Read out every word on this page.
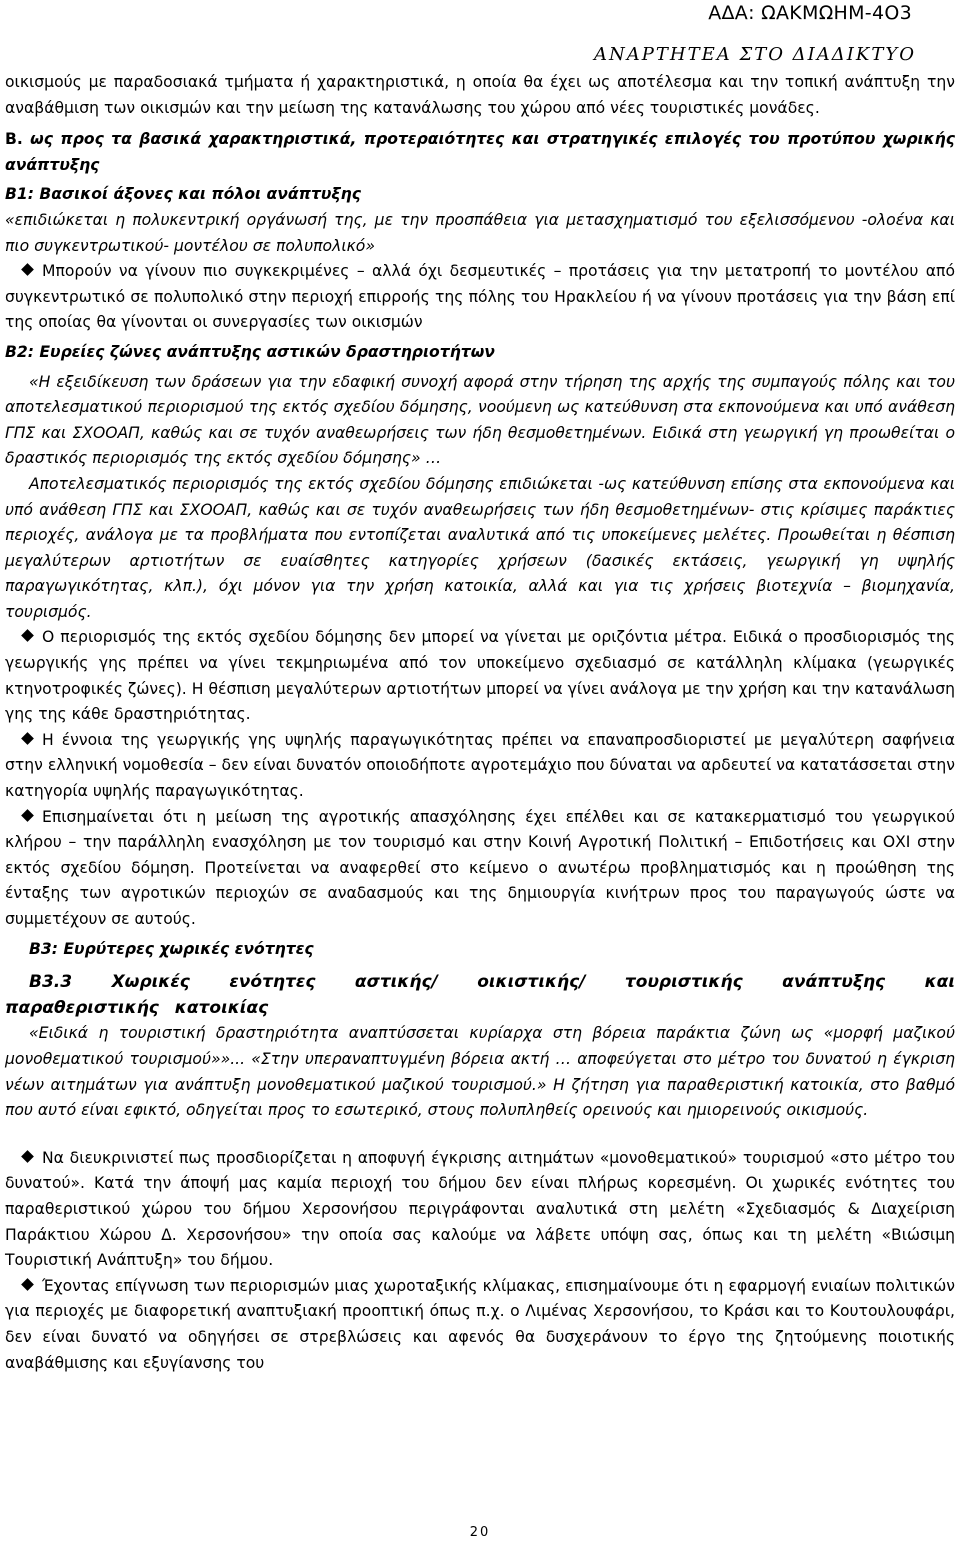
ΑΔΑ: ΩΑΚΜΩΗΜ-4Ο3
ΑΝΑΡΤΗΤΕΑ ΣΤΟ ΔΙΑΔΙΚΤΥΟ

οικισμούς με παραδοσιακά τμήματα ή χαρακτηριστικά, η οποία θα έχει ως αποτέλεσμα και την τοπική ανάπτυξη την αναβάθμιση των οικισμών και την μείωση της κατανάλωσης του χώρου από νέες τουριστικές μονάδες.

Β. ως προς τα βασικά χαρακτηριστικά, προτεραιότητες και στρατηγικές επιλογές του προτύπου χωρικής ανάπτυξης

Β1: Βασικοί άξονες και πόλοι ανάπτυξης

«επιδιώκεται η πολυκεντρική οργάνωσή της, με την προσπάθεια για μετασχηματισμό του εξελισσόμενου -ολοένα και πιο συγκεντρωτικού- μοντέλου σε πολυπολικό»

Μπορούν να γίνουν πιο συγκεκριμένες – αλλά όχι δεσμευτικές – προτάσεις για την μετατροπή το μοντέλου από συγκεντρωτικό σε πολυπολικό στην περιοχή επιρροής της πόλης του Ηρακλείου ή να γίνουν προτάσεις για την βάση επί της οποίας θα γίνονται οι συνεργασίες των οικισμών

Β2: Ευρείες ζώνες ανάπτυξης αστικών δραστηριοτήτων

«Η εξειδίκευση των δράσεων για την εδαφική συνοχή αφορά στην τήρηση της αρχής της συμπαγούς πόλης και του αποτελεσματικού περιορισμού της εκτός σχεδίου δόμησης, νοούμενη ως κατεύθυνση στα εκπονούμενα και υπό ανάθεση ΓΠΣ και ΣΧΟΟΑΠ, καθώς και σε τυχόν αναθεωρήσεις των ήδη θεσμοθετημένων. Ειδικά στη γεωργική γη προωθείται ο δραστικός περιορισμός της εκτός σχεδίου δόμησης» …

Αποτελεσματικός περιορισμός της εκτός σχεδίου δόμησης επιδιώκεται -ως κατεύθυνση επίσης στα εκπονούμενα και υπό ανάθεση ΓΠΣ και ΣΧΟΟΑΠ, καθώς και σε τυχόν αναθεωρήσεις των ήδη θεσμοθετημένων- στις κρίσιμες παράκτιες περιοχές, ανάλογα με τα προβλήματα που εντοπίζεται αναλυτικά από τις υποκείμενες μελέτες. Προωθείται η θέσπιση μεγαλύτερων αρτιοτήτων σε ευαίσθητες κατηγορίες χρήσεων (δασικές εκτάσεις, γεωργική γη υψηλής παραγωγικότητας, κλπ.), όχι μόνον για την χρήση κατοικία, αλλά και για τις χρήσεις βιοτεχνία – βιομηχανία, τουρισμός.

Ο περιορισμός της εκτός σχεδίου δόμησης δεν μπορεί να γίνεται με οριζόντια μέτρα. Ειδικά ο προσδιορισμός της γεωργικής γης πρέπει να γίνει τεκμηριωμένα από τον υποκείμενο σχεδιασμό σε κατάλληλη κλίμακα (γεωργικές κτηνοτροφικές ζώνες). Η θέσπιση μεγαλύτερων αρτιοτήτων μπορεί να γίνει ανάλογα με την χρήση και την κατανάλωση γης της κάθε δραστηριότητας.

Η έννοια της γεωργικής γης υψηλής παραγωγικότητας πρέπει να επαναπροσδιοριστεί με μεγαλύτερη σαφήνεια στην ελληνική νομοθεσία – δεν είναι δυνατόν οποιοδήποτε αγροτεμάχιο που δύναται να αρδευτεί να κατατάσσεται στην κατηγορία υψηλής παραγωγικότητας.

Επισημαίνεται ότι η μείωση της αγροτικής απασχόλησης έχει επέλθει και σε κατακερματισμό του γεωργικού κλήρου – την παράλληλη ενασχόληση με τον τουρισμό και στην Κοινή Αγροτική Πολιτική – Επιδοτήσεις και ΟΧΙ στην εκτός σχεδίου δόμηση. Προτείνεται να αναφερθεί στο κείμενο ο ανωτέρω προβληματισμός και η προώθηση της ένταξης των αγροτικών περιοχών σε αναδασμούς και της δημιουργία κινήτρων προς του παραγωγούς ώστε να συμμετέχουν σε αυτούς.

Β3: Ευρύτερες χωρικές ενότητες

Β3.3 Χωρικές ενότητες αστικής/ οικιστικής/ τουριστικής ανάπτυξης και παραθεριστικής κατοικίας

«Ειδικά η τουριστική δραστηριότητα αναπτύσσεται κυρίαρχα στη βόρεια παράκτια ζώνη ως «μορφή μαζικού μονοθεματικού τουρισμού»»... «Στην υπεραναπτυγμένη βόρεια ακτή … αποφεύγεται στο μέτρο του δυνατού η έγκριση νέων αιτημάτων για ανάπτυξη μονοθεματικού μαζικού τουρισμού.» Η ζήτηση για παραθεριστική κατοικία, στο βαθμό που αυτό είναι εφικτό, οδηγείται προς το εσωτερικό, στους πολυπληθείς ορεινούς και ημιορεινούς οικισμούς.

Να διευκρινιστεί πως προσδιορίζεται η αποφυγή έγκρισης αιτημάτων «μονοθεματικού» τουρισμού «στο μέτρο του δυνατού». Κατά την άποψή μας καμία περιοχή του δήμου δεν είναι πλήρως κορεσμένη. Οι χωρικές ενότητες του παραθεριστικού χώρου του δήμου Χερσονήσου περιγράφονται αναλυτικά στη μελέτη «Σχεδιασμός & Διαχείριση Παράκτιου Χώρου Δ. Χερσονήσου» την οποία σας καλούμε να λάβετε υπόψη σας, όπως και τη μελέτη «Βιώσιμη Τουριστική Ανάπτυξη» του δήμου.

Έχοντας επίγνωση των περιορισμών μιας χωροταξικής κλίμακας, επισημαίνουμε ότι η εφαρμογή ενιαίων πολιτικών για περιοχές με διαφορετική αναπτυξιακή προοπτική όπως π.χ. ο Λιμένας Χερσονήσου, το Κράσι και το Κουτουλουφάρι, δεν είναι δυνατό να οδηγήσει σε στρεβλώσεις και αφενός θα δυσχεράνουν το έργο της ζητούμενης ποιοτικής αναβάθμισης και εξυγίανσης του

20
